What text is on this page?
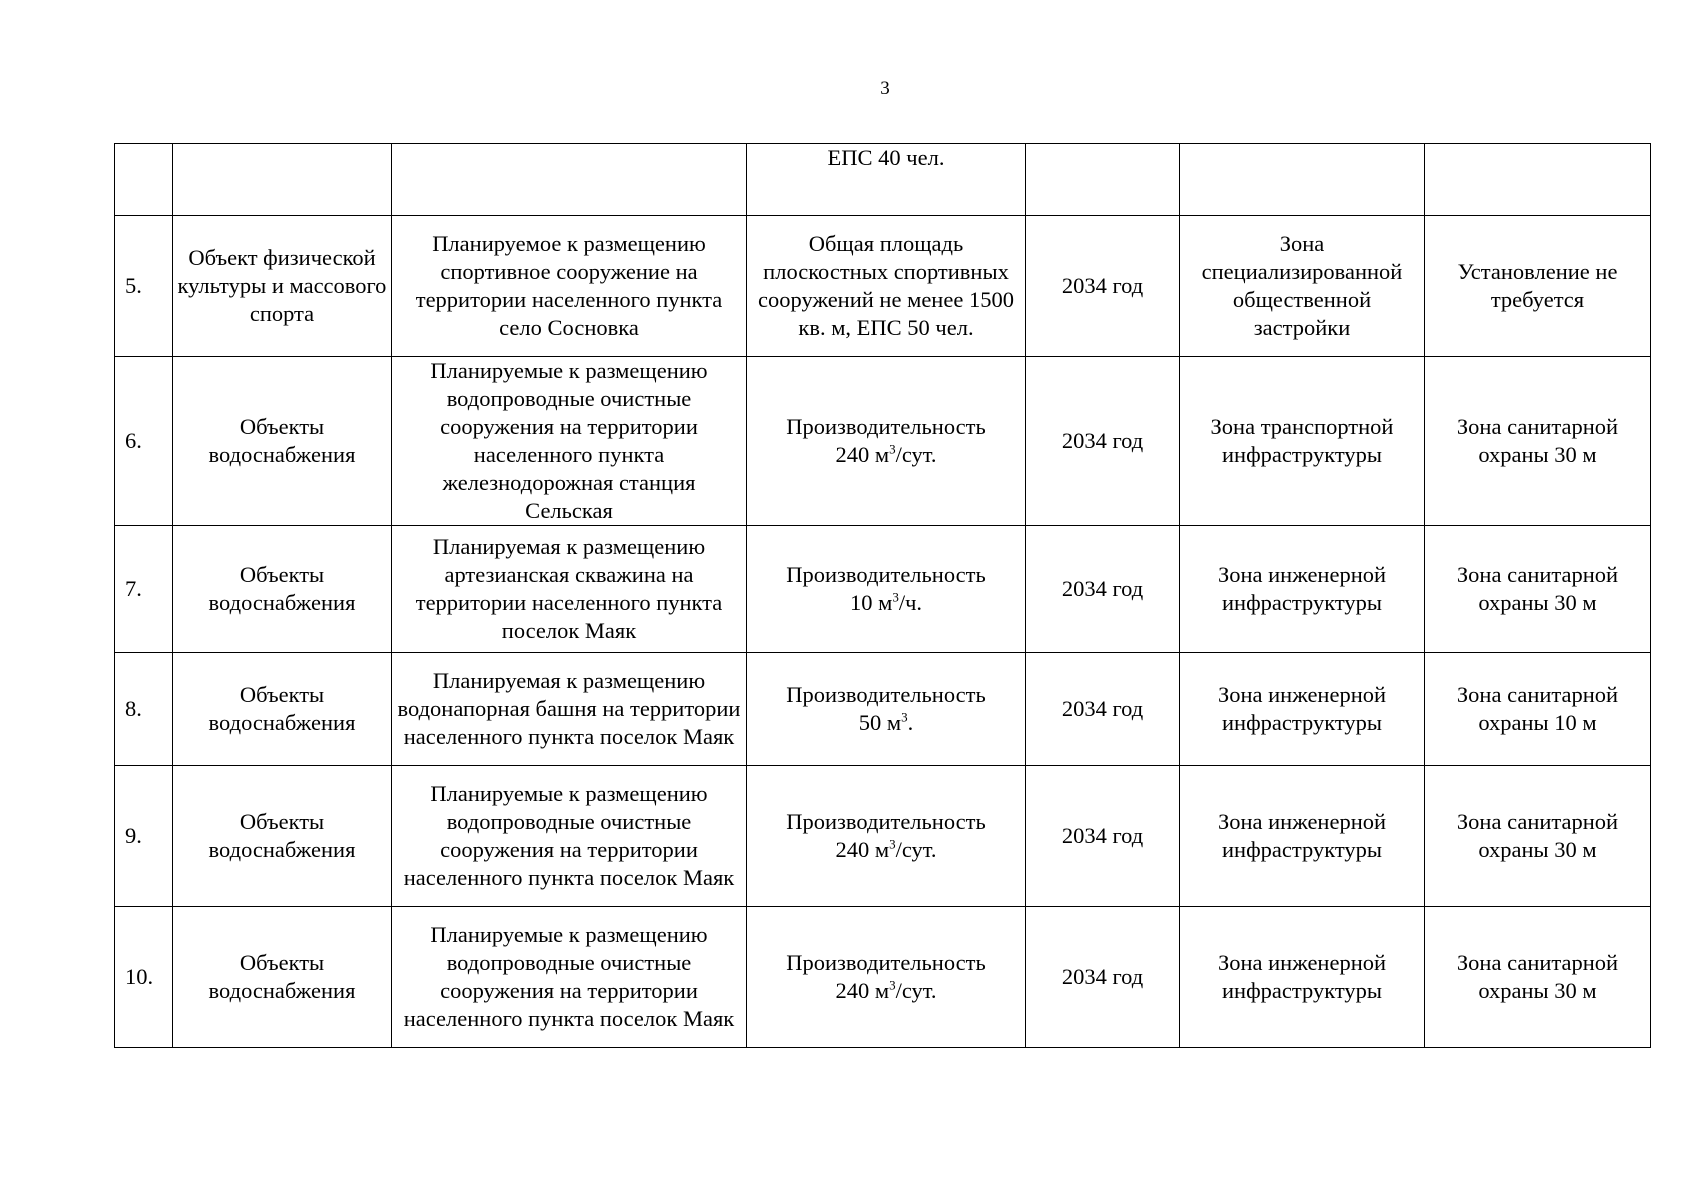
3
			ЕПС 40 чел.			
5.	Объект физической культуры и массового спорта	Планируемое к размещению спортивное сооружение на территории населенного пункта село Сосновка	Общая площадь плоскостных спортивных сооружений не менее 1500 кв. м, ЕПС 50 чел.	2034 год	Зона специализированной общественной застройки	Установление не требуется
6.	Объекты водоснабжения	Планируемые к размещению водопроводные очистные сооружения на территории населенного пункта железнодорожная станция Сельская	Производительность
240 $м^3$/сут.	2034 год	Зона транспортной инфраструктуры	Зона санитарной охраны 30 м
7.	Объекты водоснабжения	Планируемая к размещению артезианская скважина на территории населенного пункта поселок Маяк	Производительность
10 $м^3/ч$.	2034 год	Зона инженерной инфраструктуры	Зона санитарной охраны 30 м
8.	Объекты водоснабжения	Планируемая к размещению водонапорная башня на территории населенного пункта поселок Маяк	Производительность
50 $м^3$.	2034 год	Зона инженерной инфраструктуры	Зона санитарной охраны 10 м
9.	Объекты водоснабжения	Планируемые к размещению водопроводные очистные сооружения на территории населенного пункта поселок Маяк	Производительность
240 $м^3$/сут.	2034 год	Зона инженерной инфраструктуры	Зона санитарной охраны 30 м
10.	Объекты водоснабжения	Планируемые к размещению водопроводные очистные сооружения на территории населенного пункта поселок Маяк	Производительность
240 $м^3$/сут.	2034 год	Зона инженерной инфраструктуры	Зона санитарной охраны 30 м
